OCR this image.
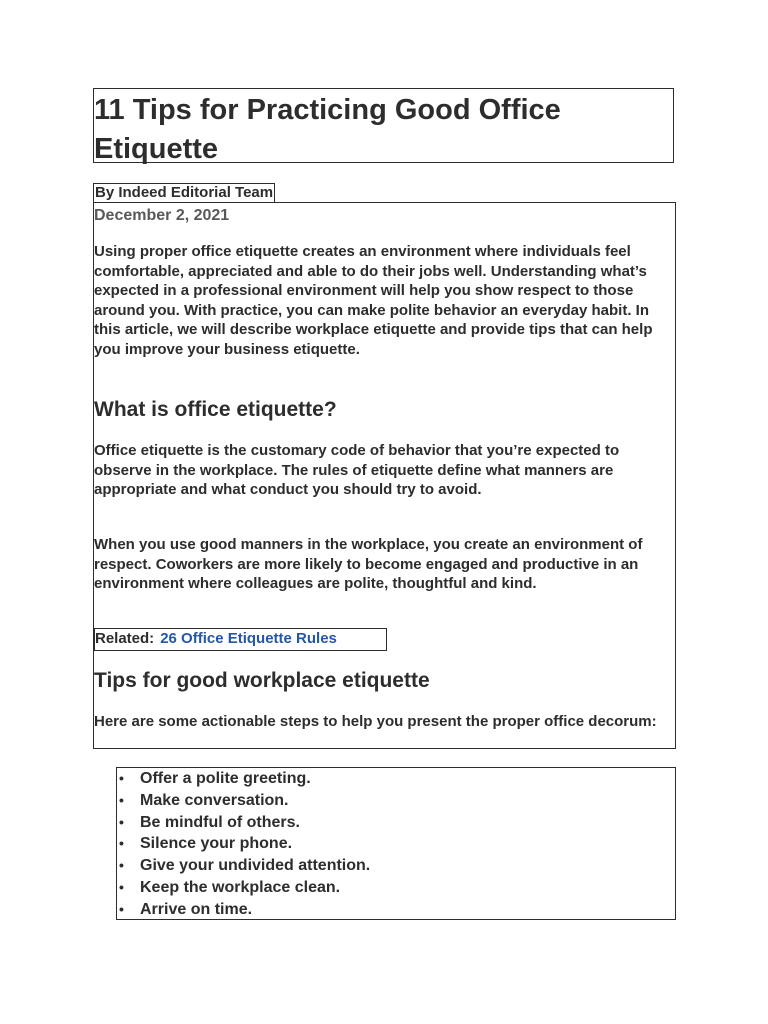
11 Tips for Practicing Good Office Etiquette
By Indeed Editorial Team
December 2, 2021

Using proper office etiquette creates an environment where individuals feel comfortable, appreciated and able to do their jobs well. Understanding what’s expected in a professional environment will help you show respect to those around you. With practice, you can make polite behavior an everyday habit. In this article, we will describe workplace etiquette and provide tips that can help you improve your business etiquette.

What is office etiquette?

Office etiquette is the customary code of behavior that you’re expected to observe in the workplace. The rules of etiquette define what manners are appropriate and what conduct you should try to avoid.

When you use good manners in the workplace, you create an environment of respect. Coworkers are more likely to become engaged and productive in an environment where colleagues are polite, thoughtful and kind.

Related: 26 Office Etiquette Rules
Tips for good workplace etiquette

Here are some actionable steps to help you present the proper office decorum:

• Offer a polite greeting.
• Make conversation.
• Be mindful of others.
• Silence your phone.
• Give your undivided attention.
• Keep the workplace clean.
• Arrive on time.
